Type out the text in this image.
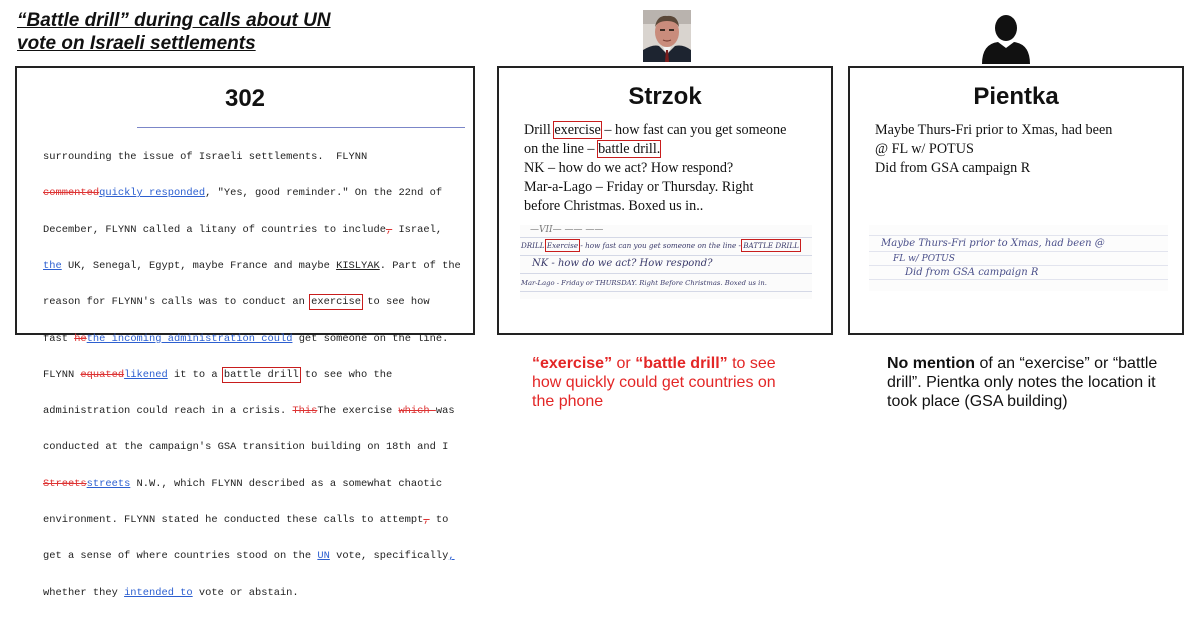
“Battle drill” during calls about UN
vote on Israeli settlements
302

surrounding the issue of Israeli settlements.  FLYNN

commentedquickly responded, "Yes, good reminder." On the 22nd of

December, FLYNN called a litany of countries to include, Israel,

the UK, Senegal, Egypt, maybe France and maybe KISLYAK. Part of the

reason for FLYNN's calls was to conduct an exercise to see how

fast hethe incoming administration could get someone on the line.

FLYNN equatedlikened it to a battle drill to see who the

administration could reach in a crisis. ThisThe exercise which was

conducted at the campaign's GSA transition building on 18th and I

Streetsstreets N.W., which FLYNN described as a somewhat chaotic

environment. FLYNN stated he conducted these calls to attempt, to

get a sense of where countries stood on the UN vote, specifically,

whether they intended to vote or abstain.

Strzok
Drill exercise – how fast can you get someone
on the line – battle drill.
NK – how do we act? How respond?
Mar-a-Lago – Friday or Thursday. Right
before Christmas. Boxed us in..
—VII— —— ——
DRILL Exercise - how fast can you get someone on the line - BATTLE DRILL
NK - how do we act? How respond?
Mar-Lago - Friday or THURSDAY. Right Before Christmas. Boxed us in.
Pientka
Maybe Thurs-Fri prior to Xmas, had been
@ FL w/ POTUS
Did from GSA campaign R
Maybe Thurs-Fri prior to Xmas, had been @
FL w/ POTUS
Did from GSA campaign R
“exercise” or “battle drill” to see how quickly could get countries on the phone
No mention of an “exercise” or “battle drill”. Pientka only notes the location it took place (GSA building)
